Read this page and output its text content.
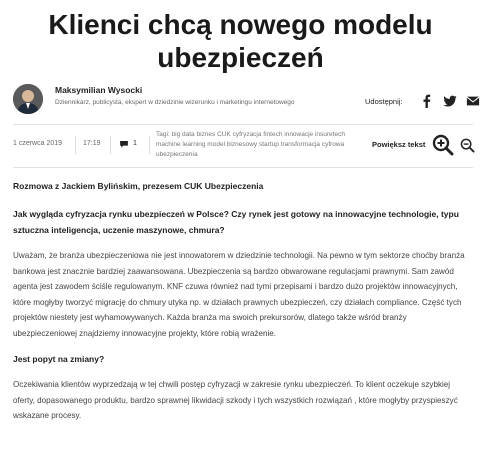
Klienci chcą nowego modelu ubezpieczeń
Maksymilian Wysocki
Dziennikarz, publicysta, ekspert w dziedzinie wizerunku i marketingu internetowego	Udostępnij:
1 czerwca 2019	17:19	1
Tagi: big data biznes CUK cyfryzacja fintech innowacje insuretech machine learning model biznesowy startup transformacja cyfrowa ubezpieczenia
Powiększ tekst

Rozmowa z Jackiem Bylińskim, prezesem CUK Ubezpieczenia

Jak wygląda cyfryzacja rynku ubezpieczeń w Polsce? Czy rynek jest gotowy na innowacyjne technologie, typu sztuczna inteligencja, uczenie maszynowe, chmura?

Uważam, że branża ubezpieczeniowa nie jest innowatorem w dziedzinie technologii. Na pewno w tym sektorze choćby branża bankowa jest znacznie bardziej zaawansowana. Ubezpieczenia są bardzo obwarowane regulacjami prawnymi. Sam zawód agenta jest zawodem ściśle regulowanym. KNF czuwa również nad tymi przepisami i bardzo dużo projektów innowacyjnych, które mogłyby tworzyć migrację do chmury utyka np. w działach prawnych ubezpieczeń, czy działach compliance. Część tych projektów niestety jest wyhamowywanych. Każda branża ma swoich prekursorów, dlatego także wśród branży ubezpieczeniowej znajdziemy innowacyjne projekty, które robią wrażenie.

Jest popyt na zmiany?

Oczekiwania klientów wyprzedzają w tej chwili postęp cyfryzacji w zakresie rynku ubezpieczeń. To klient oczekuje szybkiej oferty, dopasowanego produktu, bardzo sprawnej likwidacji szkody i tych wszystkich rozwiązań , które mogłyby przyspieszyć wskazane procesy.
